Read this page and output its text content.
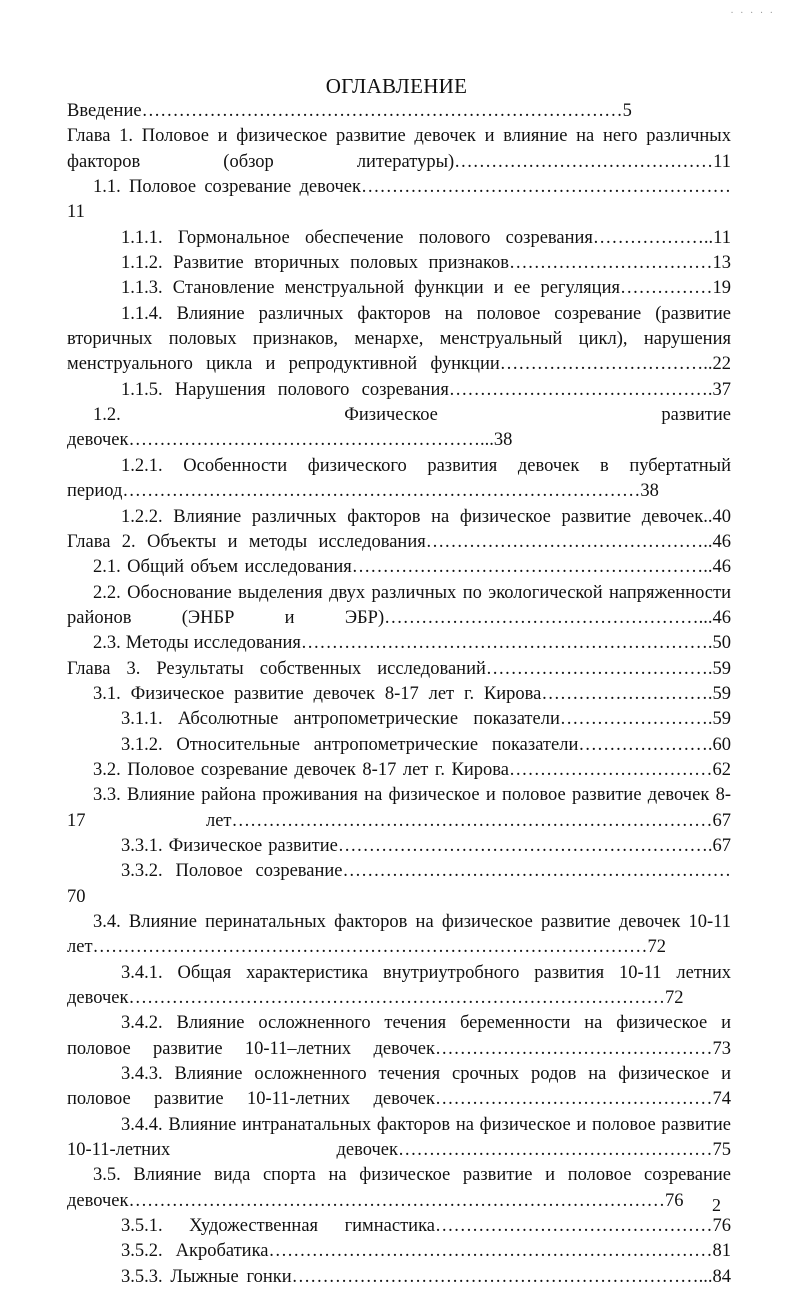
· · · · ·
ОГЛАВЛЕНИЕ
Введение……………………………………………………………………5
Глава 1. Половое и физическое развитие девочек и влияние на него различных факторов (обзор литературы)……………………………………11
1.1. Половое созревание девочек……………………………………………………11
1.1.1. Гормональное обеспечение полового созревания………………..11
1.1.2. Развитие вторичных половых признаков……………………………13
1.1.3. Становление менструальной функции и ее регуляция……………19
1.1.4. Влияние различных факторов на половое созревание (развитие вторичных половых признаков, менархе, менструальный цикл), нарушения менструального цикла и репродуктивной функции……………………………..22
1.1.5. Нарушения полового созревания…………………………………….37
1.2. Физическое развитие девочек…………………………………………………...38
1.2.1. Особенности физического развития девочек в пубертатный период…………………………………………………………………………38
1.2.2. Влияние различных факторов на физическое развитие девочек..40
Глава 2. Объекты и методы исследования………………………………………..46
2.1. Общий объем исследования…………………………………………………..46
2.2. Обоснование выделения двух различных по экологической напряженности районов (ЭНБР и ЭБР)……………………………………………...46
2.3. Методы исследования………………………………………………………….50
Глава 3. Результаты собственных исследований……………………………….59
3.1. Физическое развитие девочек 8-17 лет г. Кирова……………………….59
3.1.1. Абсолютные антропометрические показатели…………………….59
3.1.2. Относительные антропометрические показатели………………….60
3.2. Половое созревание девочек 8-17 лет г. Кирова……………………………62
3.3. Влияние района проживания на физическое и половое развитие девочек 8-17 лет……………………………………………………………………67
3.3.1. Физическое развитие…………………………………………………….67
3.3.2. Половое созревание………………………………………………………70
3.4. Влияние перинатальных факторов на физическое развитие девочек 10-11 лет………………………………………………………………………………72
3.4.1. Общая характеристика внутриутробного развития 10-11 летних девочек……………………………………………………………………………72
3.4.2. Влияние осложненного течения беременности на физическое и половое развитие 10-11–летних девочек………………………………………73
3.4.3. Влияние осложненного течения срочных родов на физическое и половое развитие 10-11-летних девочек………………………………………74
3.4.4. Влияние интранатальных факторов на физическое и половое развитие 10-11-летних девочек……………………………………………75
3.5. Влияние вида спорта на физическое развитие и половое созревание девочек……………………………………………………………………………76
3.5.1. Художественная гимнастика………………………………………76
3.5.2. Акробатика………………………………………………………………81
3.5.3. Лыжные гонки…………………………………………………………...84
2
